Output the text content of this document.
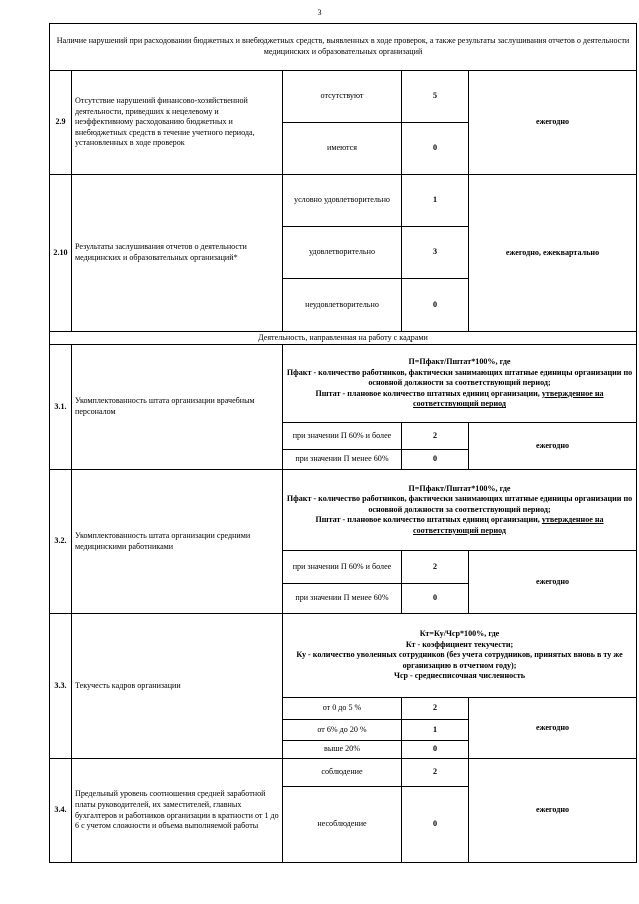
3
Наличие нарушений при расходовании бюджетных и внебюджетных средств, выявленных в ходе проверок, а также результаты заслушивания отчетов о деятельности медицинских и образовательных организаций				
2.9	Отсутствие нарушений финансово-хозяйственной деятельности, приведших к нецелевому и неэффективному расходованию бюджетных и внебюджетных средств в течение учетного периода, установленных в ходе проверок	отсутствуют	5	ежегодно
		имеются	0	
2.10	Результаты заслушивания отчетов о деятельности медицинских и образовательных организаций*	условно удовлетворительно	1	ежегодно, ежеквартально
		удовлетворительно	3	
		неудовлетворительно	0	
Деятельность, направленная на работу с кадрами				
3.1.	Укомплектованность штата организации врачебным персоналом	П=Пфакт/Пштат*100%, где
Пфакт - количество работников, фактически занимающих штатные единицы организации по основной должности за соответствующий период;
Пштат - плановое количество штатных единиц организации, утвержденное на соответствующий период		

		при значении П 60% и более	2	ежегодно
		при значении П менее 60%	0	
3.2.	Укомплектованность штата организации средними медицинскими работниками	П=Пфакт/Пштат*100%, где
Пфакт - количество работников, фактически занимающих штатные единицы организации по основной должности за соответствующий период;
Пштат - плановое количество штатных единиц организации, утвержденное на соответствующий период		

		при значении П 60% и более	2	ежегодно
		при значении П менее 60%	0	
3.3.	Текучесть кадров организации	Кт=Ку/Чср*100%, где
Кт - коэффициент текучести;
Ку - количество уволенных сотрудников (без учета сотрудников, принятых вновь в ту же организацию в отчетном году);
Чср - среднесписочная численность		

		от 0 до 5 %	2	ежегодно
		от 6% до 20 %	1	
		выше 20%	0	
3.4.	Предельный уровень соотношения средней заработной платы руководителей, их заместителей, главных бухгалтеров и работников организации в кратности от 1 до 6 с учетом сложности и объема выполняемой работы	соблюдение	2	ежегодно
		несоблюдение	0	
